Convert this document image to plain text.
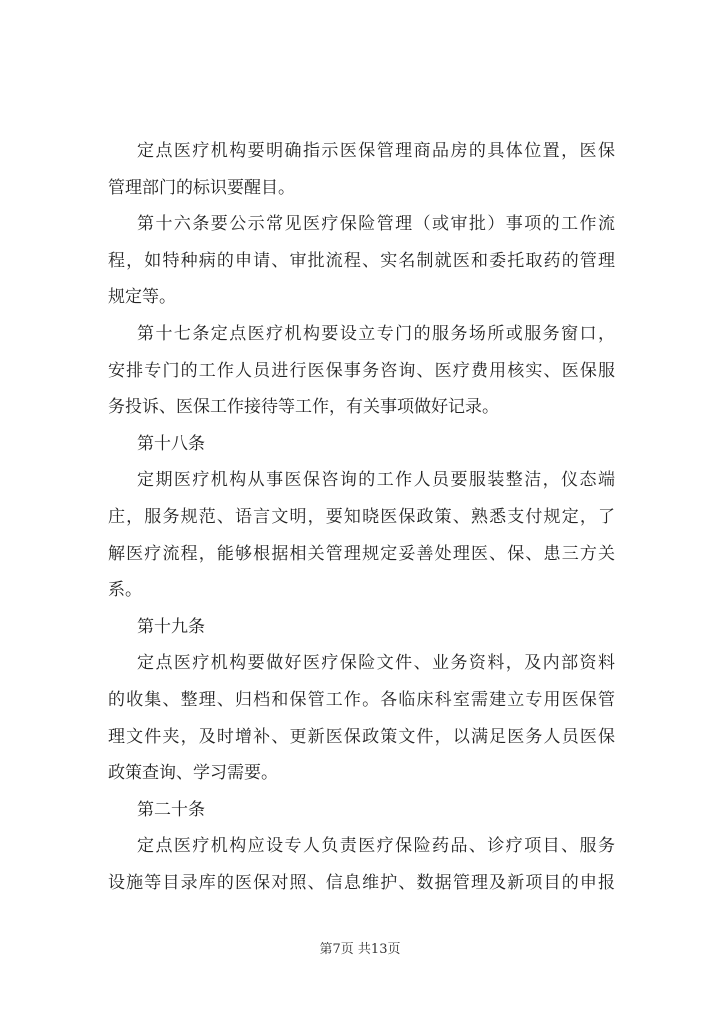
定点医疗机构要明确指示医保管理商品房的具体位置，医保
管理部门的标识要醒目。
第十六条要公示常见医疗保险管理（或审批）事项的工作流
程，如特种病的申请、审批流程、实名制就医和委托取药的管理
规定等。
第十七条定点医疗机构要设立专门的服务场所或服务窗口，
安排专门的工作人员进行医保事务咨询、医疗费用核实、医保服
务投诉、医保工作接待等工作，有关事项做好记录。
第十八条
定期医疗机构从事医保咨询的工作人员要服装整洁，仪态端
庄，服务规范、语言文明，要知晓医保政策、熟悉支付规定，了
解医疗流程，能够根据相关管理规定妥善处理医、保、患三方关
系。
第十九条
定点医疗机构要做好医疗保险文件、业务资料，及内部资料
的收集、整理、归档和保管工作。各临床科室需建立专用医保管
理文件夹，及时增补、更新医保政策文件，以满足医务人员医保
政策查询、学习需要。
第二十条
定点医疗机构应设专人负责医疗保险药品、诊疗项目、服务
设施等目录库的医保对照、信息维护、数据管理及新项目的申报
第7页 共13页
